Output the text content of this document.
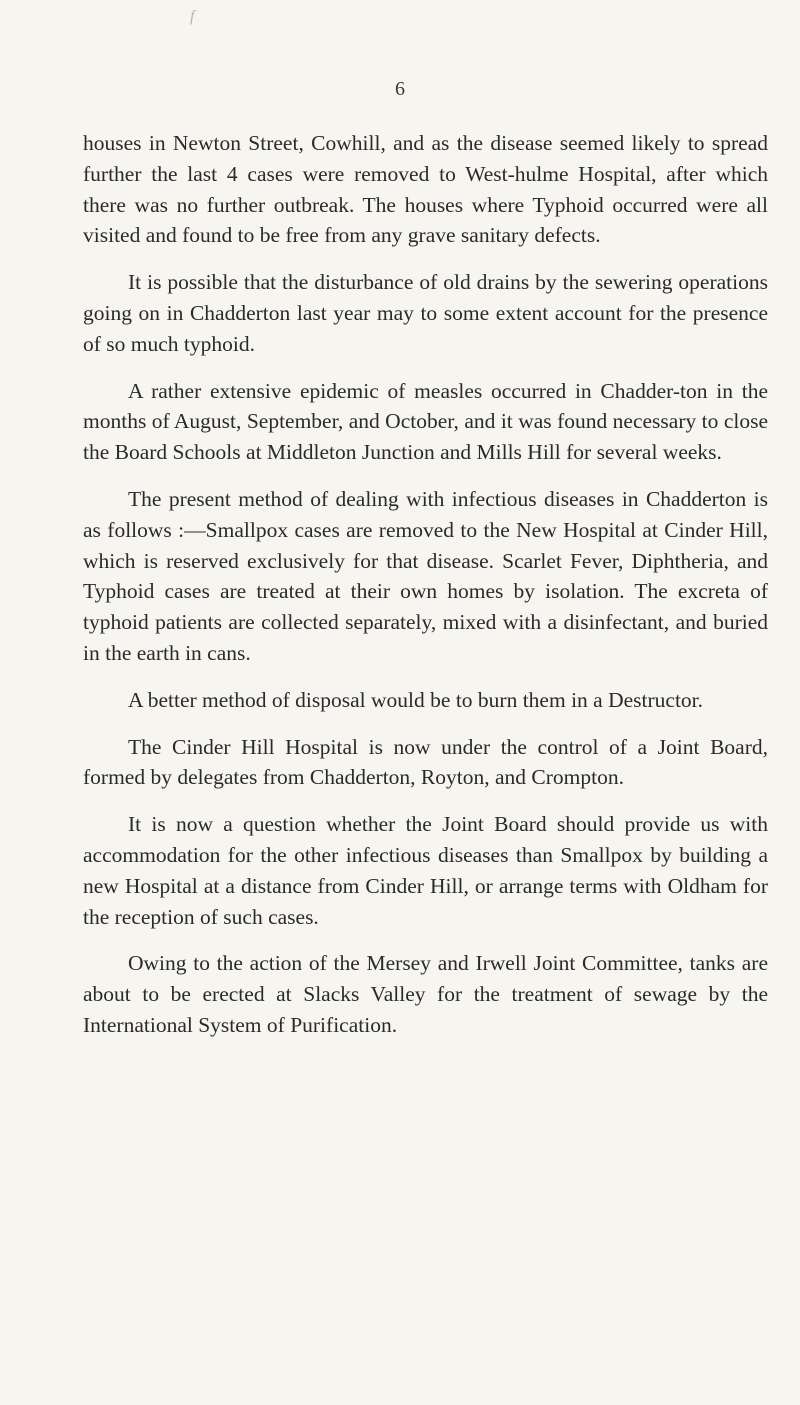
f
6

houses in Newton Street, Cowhill, and as the disease seemed likely to spread further the last 4 cases were removed to West-hulme Hospital, after which there was no further outbreak. The houses where Typhoid occurred were all visited and found to be free from any grave sanitary defects.

It is possible that the disturbance of old drains by the sewering operations going on in Chadderton last year may to some extent account for the presence of so much typhoid.

A rather extensive epidemic of measles occurred in Chadder-ton in the months of August, September, and October, and it was found necessary to close the Board Schools at Middleton Junction and Mills Hill for several weeks.

The present method of dealing with infectious diseases in Chadderton is as follows :—Smallpox cases are removed to the New Hospital at Cinder Hill, which is reserved exclusively for that disease. Scarlet Fever, Diphtheria, and Typhoid cases are treated at their own homes by isolation. The excreta of typhoid patients are collected separately, mixed with a disinfectant, and buried in the earth in cans.

A better method of disposal would be to burn them in a Destructor.

The Cinder Hill Hospital is now under the control of a Joint Board, formed by delegates from Chadderton, Royton, and Crompton.

It is now a question whether the Joint Board should provide us with accommodation for the other infectious diseases than Smallpox by building a new Hospital at a distance from Cinder Hill, or arrange terms with Oldham for the reception of such cases.

Owing to the action of the Mersey and Irwell Joint Committee, tanks are about to be erected at Slacks Valley for the treatment of sewage by the International System of Purification.
